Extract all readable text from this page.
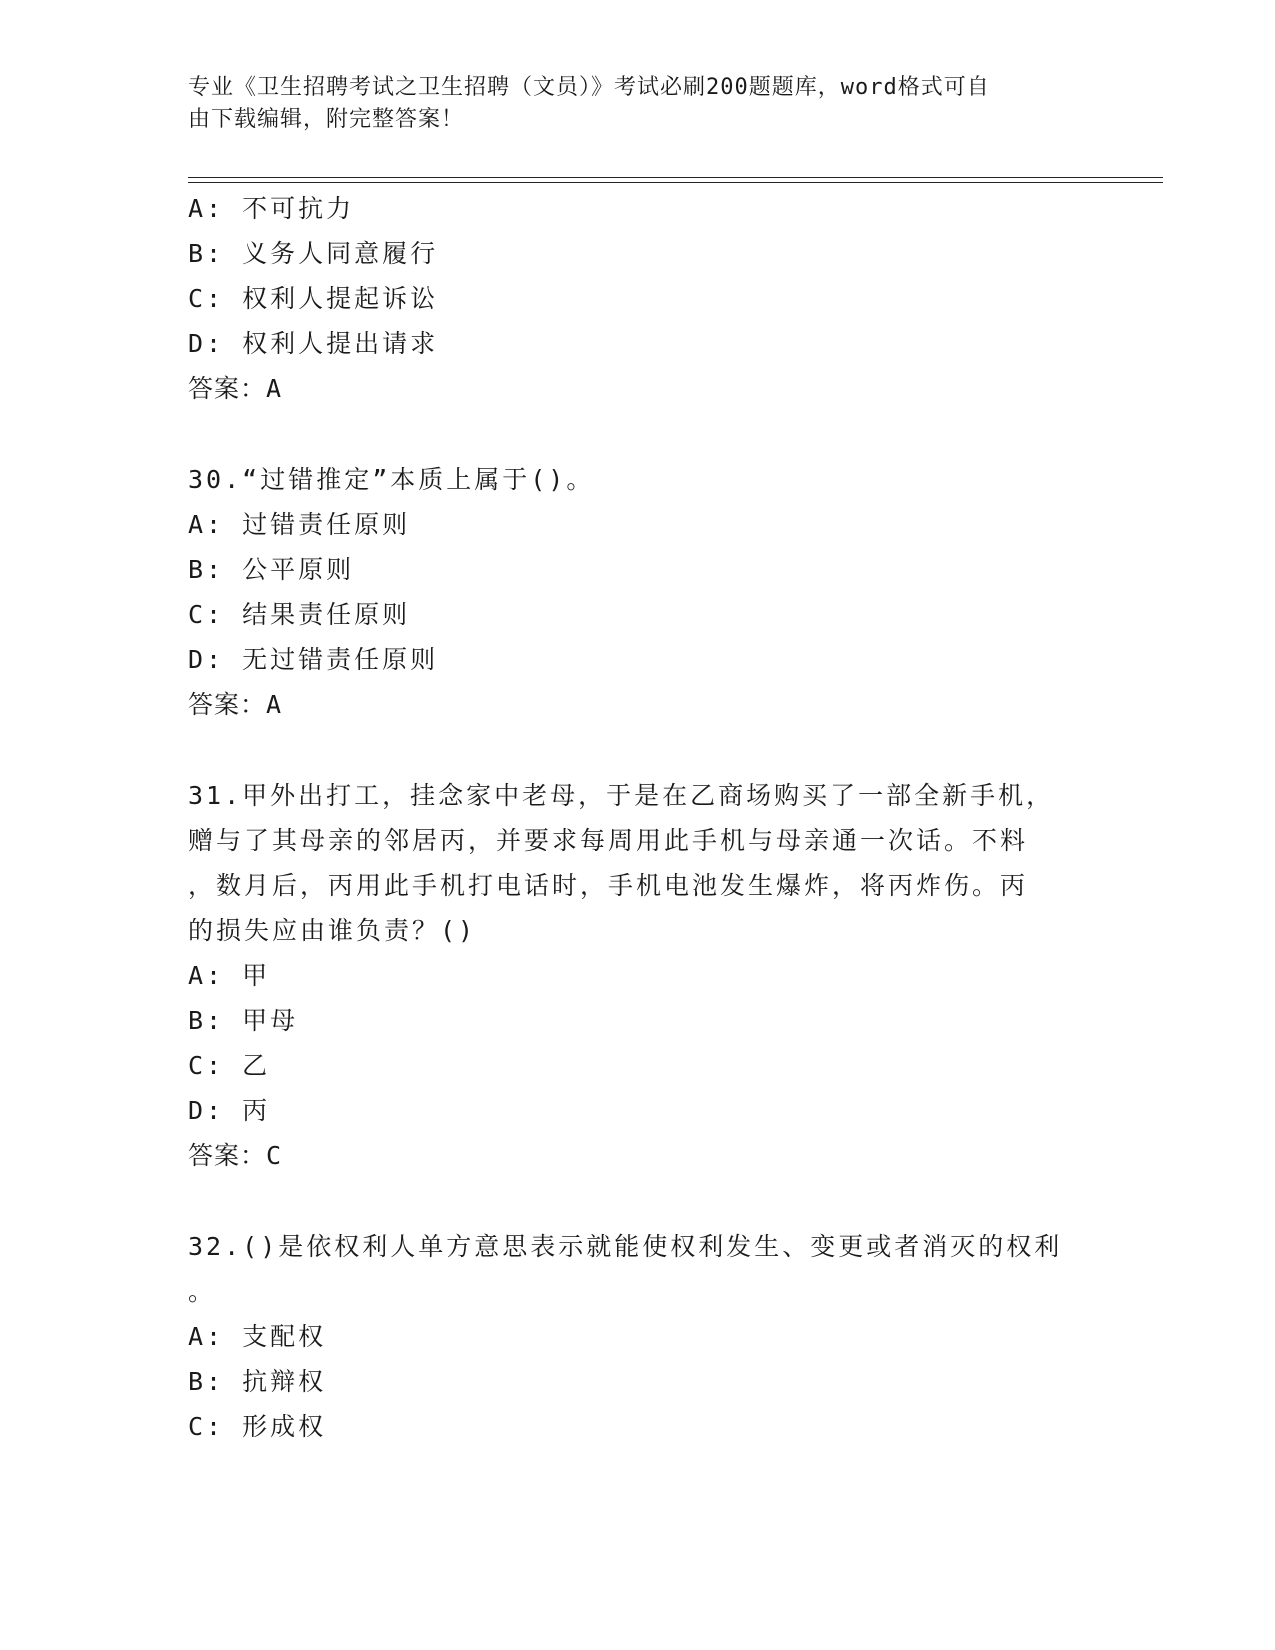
专业《卫生招聘考试之卫生招聘（文员）》考试必刷200题题库，word格式可自
由下载编辑，附完整答案！
A: 不可抗力
B: 义务人同意履行
C: 权利人提起诉讼
D: 权利人提出请求
答案：A
30.“过错推定”本质上属于()。
A: 过错责任原则
B: 公平原则
C: 结果责任原则
D: 无过错责任原则
答案：A
31.甲外出打工，挂念家中老母，于是在乙商场购买了一部全新手机，
赠与了其母亲的邻居丙，并要求每周用此手机与母亲通一次话。不料
，数月后，丙用此手机打电话时，手机电池发生爆炸，将丙炸伤。丙
的损失应由谁负责？()
A: 甲
B: 甲母
C: 乙
D: 丙
答案：C
32.()是依权利人单方意思表示就能使权利发生、变更或者消灭的权利
。
A: 支配权
B: 抗辩权
C: 形成权
